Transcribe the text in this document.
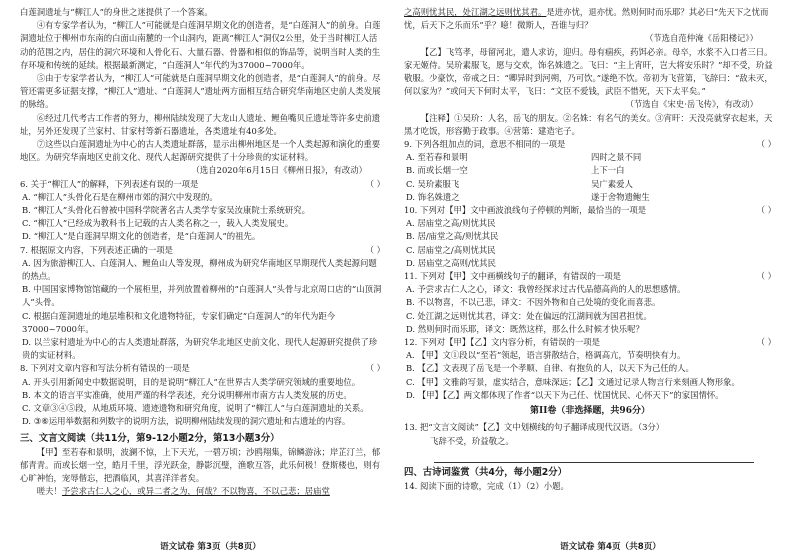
白莲洞遗址与“柳江人”的身世之迷提供了一个答案。

④有专家学者认为，“柳江人”可能就是白莲洞早期文化的创造者，是“白莲洞人”的前身。白莲洞遗址位于柳州市东南的白面山南麓的一个山洞内，距离“柳江人”洞仅2公里，处于当时柳江人活动的范围之内，居住的洞穴环境和人骨化石、大量石器、骨器和相似的饰品等，说明当时人类的生存环境和传统的延续。根据最新测定，“白莲洞人”年代约为37000~7000年。

⑤由于专家学者认为，“柳江人”可能就是白莲洞早期文化的创造者，是“白莲洞人”的前身。尽管还需更多证据支撑，“柳江人”遗址、“白莲洞人”遗址两方面相互结合研究华南地区史前人类发展的脉络。

⑥经过几代考古工作者的努力，柳州陆续发现了大龙山人遗址、鲤鱼嘴贝丘遗址等许多史前遗址，另外还发现了兰家村、甘家村等新石器遗址，各类遗址有40多处。

⑦这些以白莲洞遗址为中心的古人类遗址群落，显示出柳州地区是一个人类起源和演化的重要地区。为研究华南地区史前文化、现代人起源研究提供了十分珍贵的实证材料。

（选自2020年6月15日《柳州日报》，有改动）

6. 关于“柳江人”的解释，下列表述有误的一项是	（ ）

A. “柳江人”头骨化石是在柳州市郊的洞穴中发现的。

B. “柳江人”头骨化石曾被中国科学院著名古人类学专家吴汝康院士系统研究。

C. “柳江人”已经成为教科书上记载的古人类名称之一，载入人类发展史。

D. “柳江人”是白莲洞早期文化的创造者，是“白莲洞人”的祖先。

7. 根据原文内容，下列表述正确的一项是	（ ）

A. 因为旅游柳江人、白莲洞人、鲤鱼山人等发现，柳州成为研究华南地区早期现代人类起源问题的热点。

B. 中国国家博物馆馆藏的一个展柜里，并列放置着柳州的“白莲洞人”头骨与北京周口店的“山顶洞人”头骨。

C. 根据白莲洞遗址的地层堆积和文化遗物特征，专家们确定“白莲洞人”的年代为距今37000~7000年。

D. 以兰家村遗址为中心的古人类遗址群落，为研究华北地区史前文化、现代人起源研究提供了珍贵的实证材料。

8. 下列对文章内容和写法分析有错误的一项是	（ ）

A. 开头引用新闻史中数据说明，目的是说明“柳江人”在世界古人类学研究领域的重要地位。

B. 本文的语言平实准确，使用严谨的科学表述，充分说明柳州市南方古人类发展的历史。

C. 文章③④⑤段，从地质环境、遗迹遗物和研究角度，说明了“柳江人”与白莲洞遗址的关系。

D. ③⑥运用举数据和列数字的说明方法，说明柳州陆续发现的洞穴遗址和古遗址的内容。

三、文言文阅读（共11分，第9-12小题2分，第13小题3分）

【甲】至若春和景明，波澜不惊，上下天光，一碧万顷；沙鸥翔集，锦鳞游泳；岸芷汀兰，郁郁青青。而或长烟一空，皓月千里，浮光跃金，静影沉璧，渔歌互答，此乐何极！登斯楼也，则有心旷神怡，宠辱偕忘，把酒临风，其喜洋洋者矣。

嗟夫！予尝求古仁人之心，或异二者之为，何哉？不以物喜，不以己悲；居庙堂

之高则忧其民，处江湖之远则忧其君。是进亦忧，退亦忧。然则何时而乐耶？其必曰“先天下之忧而忧，后天下之乐而乐”乎？噫！微斯人，吾谁与归？

（节选自范仲淹《岳阳楼记》）

【乙】飞笃孝，母留河北，遣人求访，迎归。母有痼疾，药饵必亲。母卒，水浆不入口者三日。家无姬侍。吴玠素服飞，愿与交欢，饰名姝遗之。飞曰：“主上宵旰，岂大将安乐时？”却不受，玠益敬服。少豪饮，帝戒之曰：“卿异时到河朔，乃可饮。”遂绝不饮。帝初为飞营第，飞辞曰：“敌未灭，何以家为？”或问天下何时太平，飞曰：“文臣不爱钱，武臣不惜死，天下太平矣。”

（节选自《宋史·岳飞传》，有改动）

【注释】①吴玠：人名，岳飞的朋友。②名姝：有名气的美女。③宵旰：天没亮就穿衣起来，天黑才吃饭，形容勤于政事。④营第：建造宅子。

9. 下列各组加点的词，意思不相同的一项是	（ ）

A. 至若春和景明	四时之景不同
B. 而或长烟一空	上下一白
C. 吴玠素服飞	吴广素爱人
D. 饰名姝遗之	遂于舍物遗鲍生

10. 下列对【甲】文中画波浪线句子停顿的判断，最恰当的一项是	（ ）

A. 居庙堂之高/则忧其民

B. 居/庙堂之高/则忧其民

C. 居庙堂之/高则忧其民

D. 居庙堂之高则/忧其民

11. 下列对【甲】文中画横线句子的翻译，有错误的一项是	（ ）

A. 予尝求古仁人之心，译文：我曾经探求过古代品德高尚的人的思想感情。

B. 不以物喜，不以己悲，译文：不因外物和自己处境的变化而喜悲。

C. 处江湖之远则忧其君，译文：处在偏远的江湖间就为国君担忧。

D. 然则何时而乐耶，译文：既然这样，那么什么时候才快乐呢？

12. 下列对【甲】【乙】文内容分析，有错误的一项是	（ ）

A. 【甲】文①段以“至若”领起，语言骈散结合，格调高亢，节奏明快有力。

B. 【乙】文表现了岳飞是一个孝顺、自律、有抱负的人，以天下为己任的人。

C. 【甲】文雅韵写景，虚实结合，意味深远；【乙】文通过记录人物言行来刻画人物形象。

D. 【甲】【乙】两文都体现了作者“以天下为己任、忧国忧民、心怀天下”的家国情怀。

第II卷（非选择题，共96分）

13. 把“文言文阅读”【乙】文中划横线的句子翻译成现代汉语。（3分）

飞辞不受，玠益敬之。

四、古诗词鉴赏（共4分，每小题2分）

14. 阅读下面的诗歌，完成（1）（2）小题。

语文试卷 第3页（共8页）	语文试卷 第4页（共8页）
